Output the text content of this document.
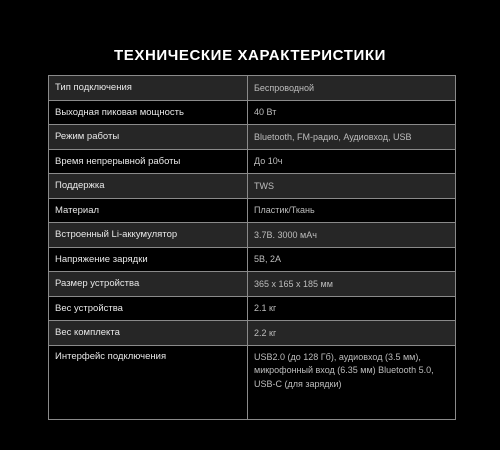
ТЕХНИЧЕСКИЕ ХАРАКТЕРИСТИКИ
Тип подключения	Беспроводной
Выходная пиковая мощность	40 Вт
Режим работы	Bluetooth, FM-радио, Аудиовход, USB
Время непрерывной работы	До 10ч
Поддержка	TWS
Материал	Пластик/Ткань
Встроенный Li-аккумулятор	3.7В. 3000 мАч
Напряжение зарядки	5В, 2А
Размер устройства	365 х 165 х 185 мм
Вес устройства	2.1 кг
Вес комплекта	2.2 кг
Интерфейс подключения	USB2.0 (до 128 Гб), аудиовход (3.5 мм), микрофонный вход (6.35 мм) Bluetooth 5.0, USB-C (для зарядки)
